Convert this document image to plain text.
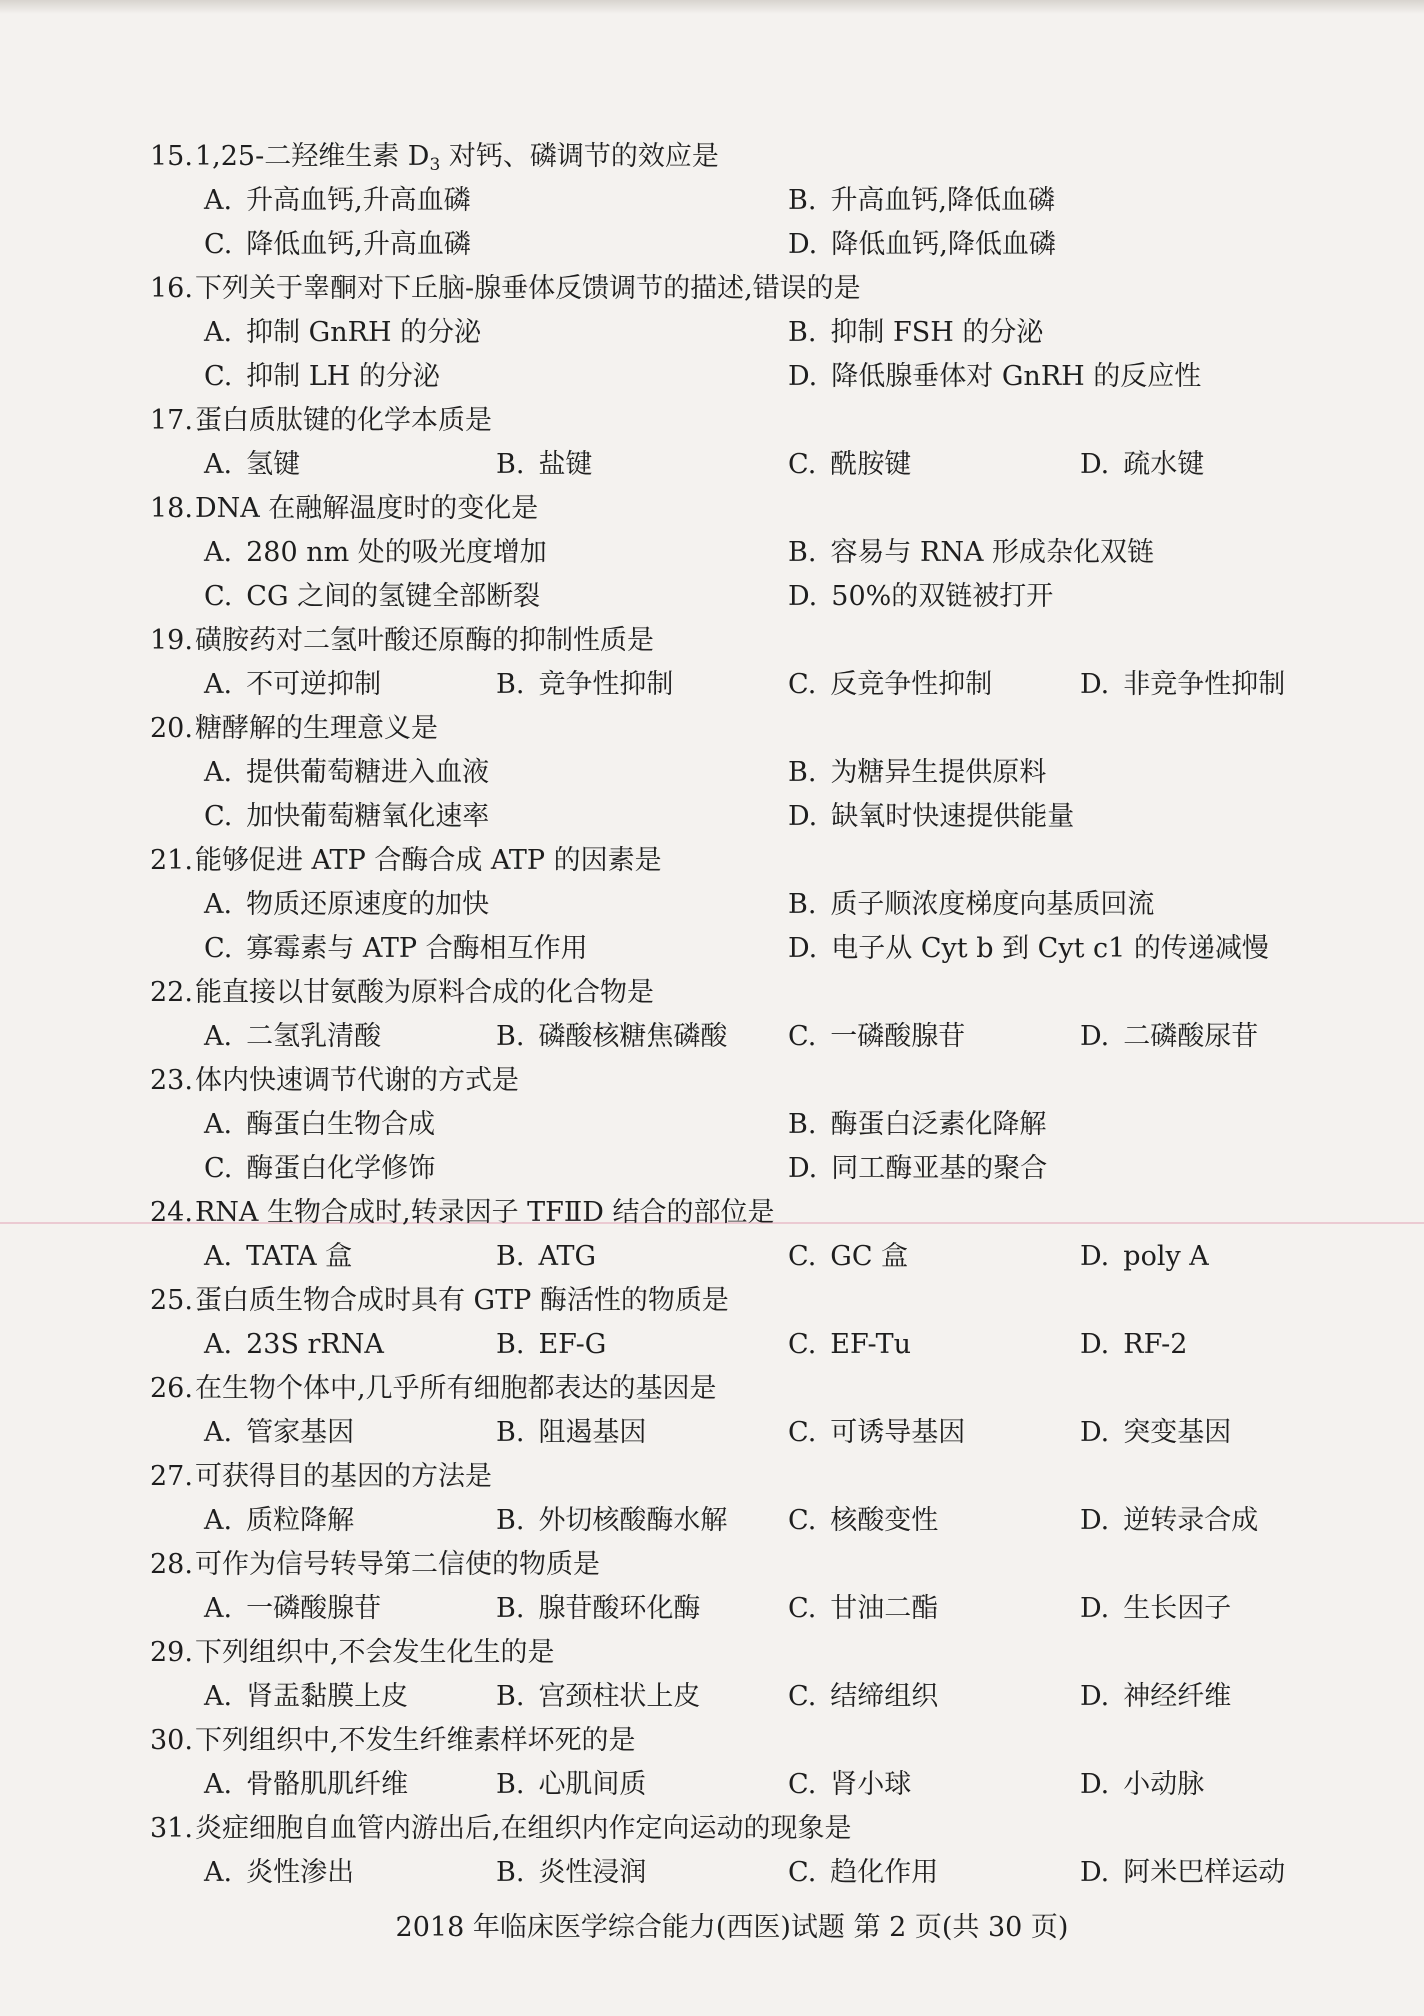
15.1,25-二羟维生素 $D_3$ 对钙、磷调节的效应是
A. 升高血钙,升高血磷	B. 升高血钙,降低血磷
C. 降低血钙,升高血磷	D. 降低血钙,降低血磷
16.下列关于睾酮对下丘脑-腺垂体反馈调节的描述,错误的是
A. 抑制 GnRH 的分泌	B. 抑制 FSH 的分泌
C. 抑制 LH 的分泌	D. 降低腺垂体对 GnRH 的反应性
17.蛋白质肽键的化学本质是
A. 氢键	B. 盐键	C. 酰胺键	D. 疏水键
18.DNA 在融解温度时的变化是
A. 280 nm 处的吸光度增加	B. 容易与 RNA 形成杂化双链
C. CG 之间的氢键全部断裂	D. 50%的双链被打开
19.磺胺药对二氢叶酸还原酶的抑制性质是
A. 不可逆抑制	B. 竞争性抑制	C. 反竞争性抑制	D. 非竞争性抑制
20.糖酵解的生理意义是
A. 提供葡萄糖进入血液	B. 为糖异生提供原料
C. 加快葡萄糖氧化速率	D. 缺氧时快速提供能量
21.能够促进 ATP 合酶合成 ATP 的因素是
A. 物质还原速度的加快	B. 质子顺浓度梯度向基质回流
C. 寡霉素与 ATP 合酶相互作用	D. 电子从 Cyt b 到 Cyt c1 的传递减慢
22.能直接以甘氨酸为原料合成的化合物是
A. 二氢乳清酸	B. 磷酸核糖焦磷酸	C. 一磷酸腺苷	D. 二磷酸尿苷
23.体内快速调节代谢的方式是
A. 酶蛋白生物合成	B. 酶蛋白泛素化降解
C. 酶蛋白化学修饰	D. 同工酶亚基的聚合
24.RNA 生物合成时,转录因子 TFⅡD 结合的部位是
A. TATA 盒	B. ATG	C. GC 盒	D. poly A
25.蛋白质生物合成时具有 GTP 酶活性的物质是
A. 23S rRNA	B. EF-G	C. EF-Tu	D. RF-2
26.在生物个体中,几乎所有细胞都表达的基因是
A. 管家基因	B. 阻遏基因	C. 可诱导基因	D. 突变基因
27.可获得目的基因的方法是
A. 质粒降解	B. 外切核酸酶水解	C. 核酸变性	D. 逆转录合成
28.可作为信号转导第二信使的物质是
A. 一磷酸腺苷	B. 腺苷酸环化酶	C. 甘油二酯	D. 生长因子
29.下列组织中,不会发生化生的是
A. 肾盂黏膜上皮	B. 宫颈柱状上皮	C. 结缔组织	D. 神经纤维
30.下列组织中,不发生纤维素样坏死的是
A. 骨骼肌肌纤维	B. 心肌间质	C. 肾小球	D. 小动脉
31.炎症细胞自血管内游出后,在组织内作定向运动的现象是
A. 炎性渗出	B. 炎性浸润	C. 趋化作用	D. 阿米巴样运动
2018 年临床医学综合能力(西医)试题 第 2 页(共 30 页)
